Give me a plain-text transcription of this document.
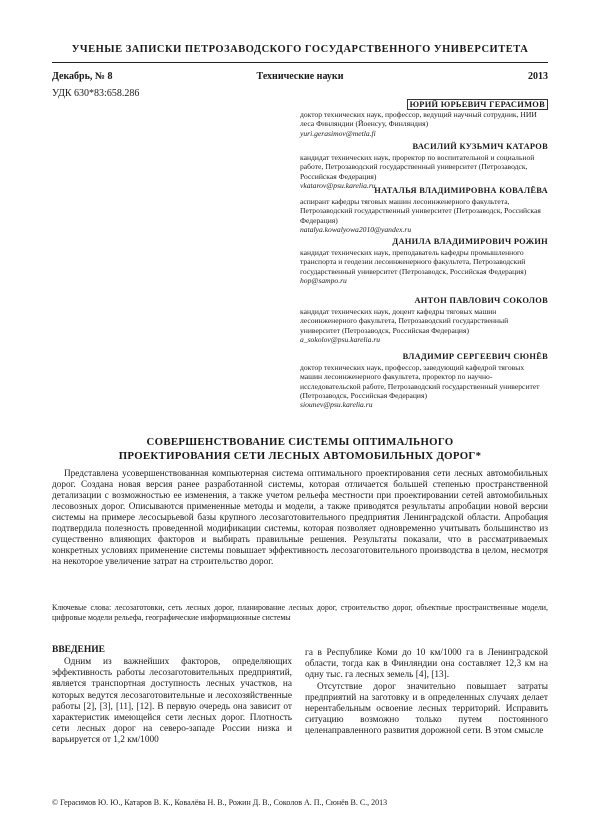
УЧЕНЫЕ ЗАПИСКИ ПЕТРОЗАВОДСКОГО ГОСУДАРСТВЕННОГО УНИВЕРСИТЕТА
Декабрь, № 8	Технические науки	2013
УДК 630*83:658.286
ЮРИЙ ЮРЬЕВИЧ ГЕРАСИМОВ
доктор технических наук, профессор, ведущий научный сотрудник, НИИ леса Финляндии (Йоенсуу, Финляндия)
yuri.gerasimov@metla.fi
ВАСИЛИЙ КУЗЬМИЧ КАТАРОВ
кандидат технических наук, проректор по воспитательной и социальной работе, Петрозаводский государственный университет (Петрозаводск, Российская Федерация)
vkatarov@psu.karelia.ru
НАТАЛЬЯ ВЛАДИМИРОВНА КОВАЛЁВА
аспирант кафедры тяговых машин лесоинженерного факультета, Петрозаводский государственный университет (Петрозаводск, Российская Федерация)
natalya.kowalyowa2010@yandex.ru
ДАНИЛА ВЛАДИМИРОВИЧ РОЖИН
кандидат технических наук, преподаватель кафедры промышленного транспорта и геодезии лесоинженерного факультета, Петрозаводский государственный университет (Петрозаводск, Российская Федерация)
hop@sampo.ru
АНТОН ПАВЛОВИЧ СОКОЛОВ
кандидат технических наук, доцент кафедры тяговых машин лесоинженерного факультета, Петрозаводский государственный университет (Петрозаводск, Российская Федерация)
a_sokolov@psu.karelia.ru
ВЛАДИМИР СЕРГЕЕВИЧ СЮНЁВ
доктор технических наук, профессор, заведующий кафедрой тяговых машин лесоинженерного факультета, проректор по научно-исследовательской работе, Петрозаводский государственный университет (Петрозаводск, Российская Федерация)
siounev@psu.karelia.ru
СОВЕРШЕНСТВОВАНИЕ СИСТЕМЫ ОПТИМАЛЬНОГО
ПРОЕКТИРОВАНИЯ СЕТИ ЛЕСНЫХ АВТОМОБИЛЬНЫХ ДОРОГ*
Представлена усовершенствованная компьютерная система оптимального проектирования сети лесных автомобильных дорог. Создана новая версия ранее разработанной системы, которая отличается большей степенью пространственной детализации с возможностью ее изменения, а также учетом рельефа местности при проектировании сетей автомобильных лесовозных дорог. Описываются примененные методы и модели, а также приводятся результаты апробации новой версии системы на примере лесосырьевой базы крупного лесозаготовительного предприятия Ленинградской области. Апробация подтвердила полезность проведенной модификации системы, которая позволяет одновременно учитывать большинство из существенно влияющих факторов и выбирать правильные решения. Результаты показали, что в рассматриваемых конкретных условиях применение системы повышает эффективность лесозаготовительного производства в целом, несмотря на некоторое увеличение затрат на строительство дорог.
Ключевые слова: лесозаготовки, сеть лесных дорог, планирование лесных дорог, строительство дорог, объектные пространственные модели, цифровые модели рельефа, географические информационные системы
ВВЕДЕНИЕ
Одним из важнейших факторов, определяющих эффективность работы лесозаготовительных предприятий, является транспортная доступность лесных участков, на которых ведутся лесозаготовительные и лесохозяйственные работы [2], [3], [11], [12]. В первую очередь она зависит от характеристик имеющейся сети лесных дорог. Плотность сети лесных дорог на северо-западе России низка и варьируется от 1,2 км/1000

га в Республике Коми до 10 км/1000 га в Ленинградской области, тогда как в Финляндии она составляет 12,3 км на одну тыс. га лесных земель [4], [13].

Отсутствие дорог значительно повышает затраты предприятий на заготовку и в определенных случаях делает нерентабельным освоение лесных территорий. Исправить ситуацию возможно только путем постоянного целенаправленного развития дорожной сети. В этом смысле

© Герасимов Ю. Ю., Катаров В. К., Ковалёва Н. В., Рожин Д. В., Соколов А. П., Сюнёв В. С., 2013
